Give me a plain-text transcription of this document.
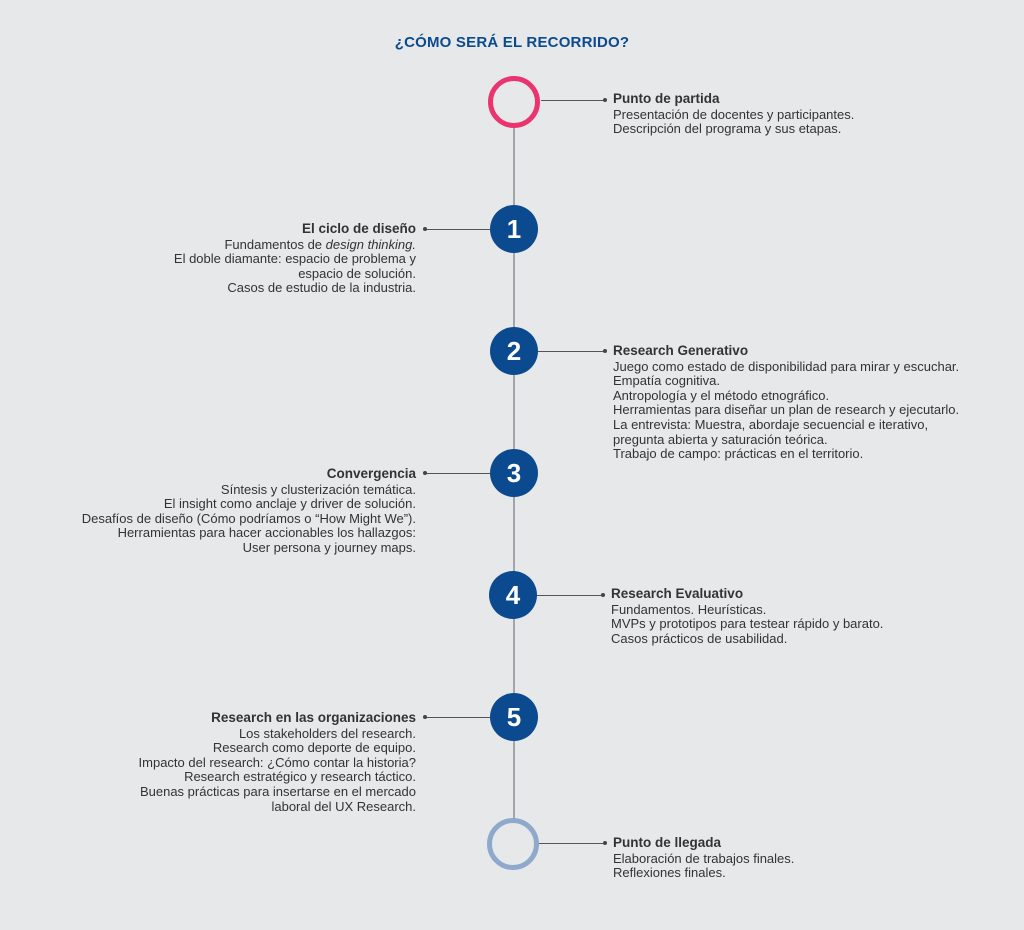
¿CÓMO SERÁ EL RECORRIDO?
Punto de partida
Presentación de docentes y participantes.
Descripción del programa y sus etapas.
1
El ciclo de diseño
Fundamentos de design thinking.
El doble diamante: espacio de problema y
espacio de solución.
Casos de estudio de la industria.
2	Research Generativo
Juego como estado de disponibilidad para mirar y escuchar.
Empatía cognitiva.
Antropología y el método etnográfico.
Herramientas para diseñar un plan de research y ejecutarlo.
La entrevista: Muestra, abordaje secuencial e iterativo,
pregunta abierta y saturación teórica.
Trabajo de campo: prácticas en el territorio.
3
Convergencia
Síntesis y clusterización temática.
El insight como anclaje y driver de solución.
Desafíos de diseño (Cómo podríamos o “How Might We”).
Herramientas para hacer accionables los hallazgos:
User persona y journey maps.
4	Research Evaluativo
Fundamentos. Heurísticas.
MVPs y prototipos para testear rápido y barato.
Casos prácticos de usabilidad.
5
Research en las organizaciones
Los stakeholders del research.
Research como deporte de equipo.
Impacto del research: ¿Cómo contar la historia?
Research estratégico y research táctico.
Buenas prácticas para insertarse en el mercado
laboral del UX Research.
Punto de llegada
Elaboración de trabajos finales.
Reflexiones finales.
